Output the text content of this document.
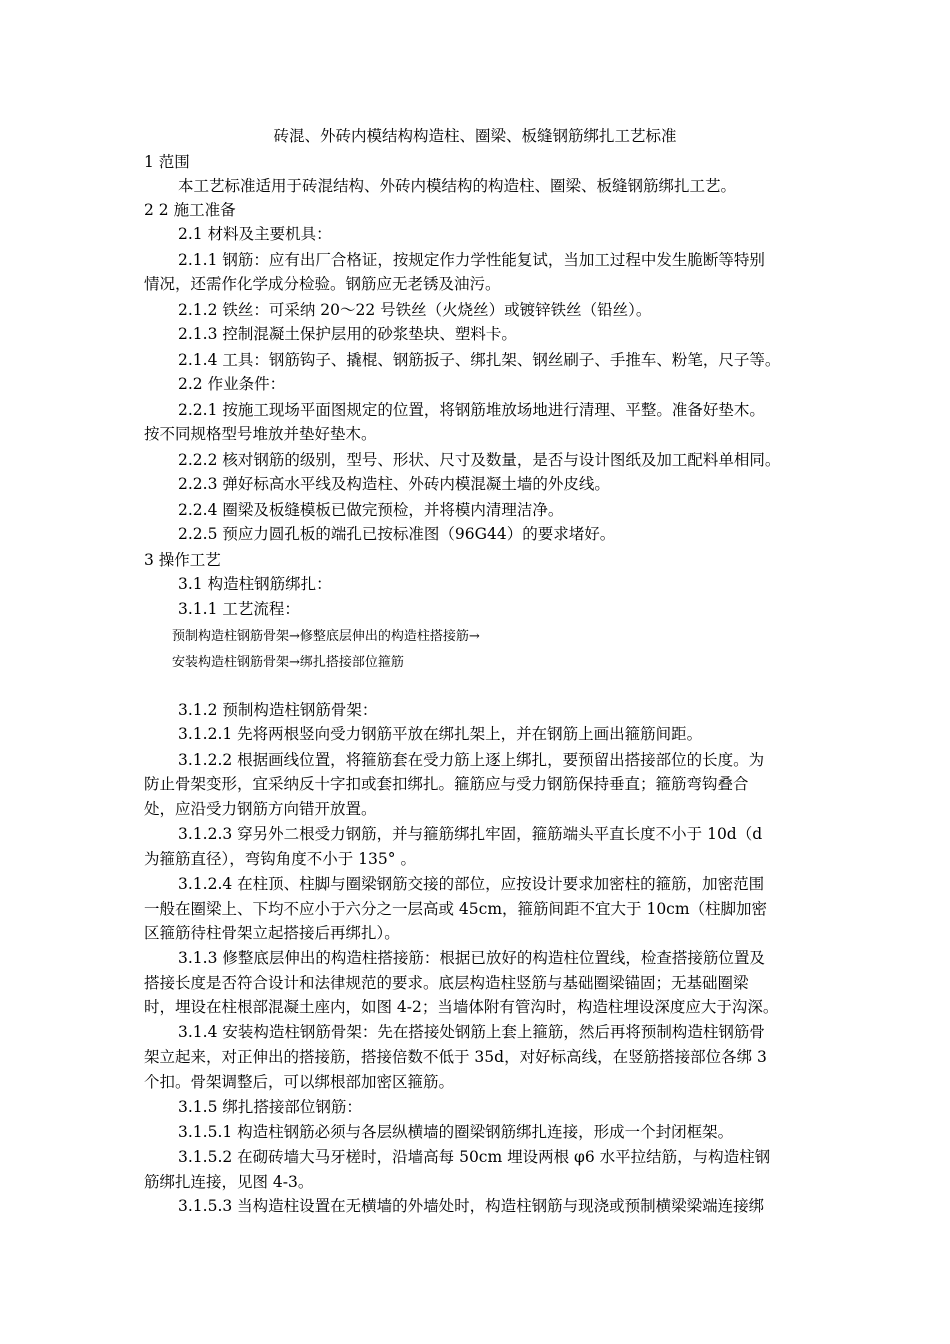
砖混、外砖内模结构构造柱、圈梁、板缝钢筋绑扎工艺标准
1 范围
本工艺标准适用于砖混结构、外砖内模结构的构造柱、圈梁、板缝钢筋绑扎工艺。
2 2 施工准备
2.1 材料及主要机具：
2.1.1 钢筋：应有出厂合格证，按规定作力学性能复试，当加工过程中发生脆断等特别
情况，还需作化学成分检验。钢筋应无老锈及油污。
2.1.2 铁丝：可采纳 20～22 号铁丝（火烧丝）或镀锌铁丝（铅丝）。
2.1.3 控制混凝土保护层用的砂浆垫块、塑料卡。
2.1.4 工具：钢筋钩子、撬棍、钢筋扳子、绑扎架、钢丝刷子、手推车、粉笔，尺子等。
2.2 作业条件：
2.2.1 按施工现场平面图规定的位置，将钢筋堆放场地进行清理、平整。准备好垫木。
按不同规格型号堆放并垫好垫木。
2.2.2 核对钢筋的级别，型号、形状、尺寸及数量，是否与设计图纸及加工配料单相同。
2.2.3 弹好标高水平线及构造柱、外砖内模混凝土墙的外皮线。
2.2.4 圈梁及板缝模板已做完预检，并将模内清理洁净。
2.2.5 预应力圆孔板的端孔已按标准图（96G44）的要求堵好。
3 操作工艺
3.1 构造柱钢筋绑扎：
3.1.1 工艺流程：
预制构造柱钢筋骨架→修整底层伸出的构造柱搭接筋→
安装构造柱钢筋骨架→绑扎搭接部位箍筋
3.1.2 预制构造柱钢筋骨架：
3.1.2.1 先将两根竖向受力钢筋平放在绑扎架上，并在钢筋上画出箍筋间距。
3.1.2.2 根据画线位置，将箍筋套在受力筋上逐上绑扎，要预留出搭接部位的长度。为
防止骨架变形，宜采纳反十字扣或套扣绑扎。箍筋应与受力钢筋保持垂直；箍筋弯钩叠合
处，应沿受力钢筋方向错开放置。
3.1.2.3 穿另外二根受力钢筋，并与箍筋绑扎牢固，箍筋端头平直长度不小于 10d（d
为箍筋直径），弯钩角度不小于 135° 。
3.1.2.4 在柱顶、柱脚与圈梁钢筋交接的部位，应按设计要求加密柱的箍筋，加密范围
一般在圈梁上、下均不应小于六分之一层高或 45cm，箍筋间距不宜大于 10cm（柱脚加密
区箍筋待柱骨架立起搭接后再绑扎）。
3.1.3 修整底层伸出的构造柱搭接筋：根据已放好的构造柱位置线，检查搭接筋位置及
搭接长度是否符合设计和法律规范的要求。底层构造柱竖筋与基础圈梁锚固；无基础圈梁
时，埋设在柱根部混凝土座内，如图 4-2；当墙体附有管沟时，构造柱埋设深度应大于沟深。
3.1.4 安装构造柱钢筋骨架：先在搭接处钢筋上套上箍筋，然后再将预制构造柱钢筋骨
架立起来，对正伸出的搭接筋，搭接倍数不低于 35d，对好标高线，在竖筋搭接部位各绑 3
个扣。骨架调整后，可以绑根部加密区箍筋。
3.1.5 绑扎搭接部位钢筋：
3.1.5.1 构造柱钢筋必须与各层纵横墙的圈梁钢筋绑扎连接，形成一个封闭框架。
3.1.5.2 在砌砖墙大马牙槎时，沿墙高每 50cm 埋设两根 φ6 水平拉结筋，与构造柱钢
筋绑扎连接，见图 4-3。
3.1.5.3 当构造柱设置在无横墙的外墙处时，构造柱钢筋与现浇或预制横梁梁端连接绑
